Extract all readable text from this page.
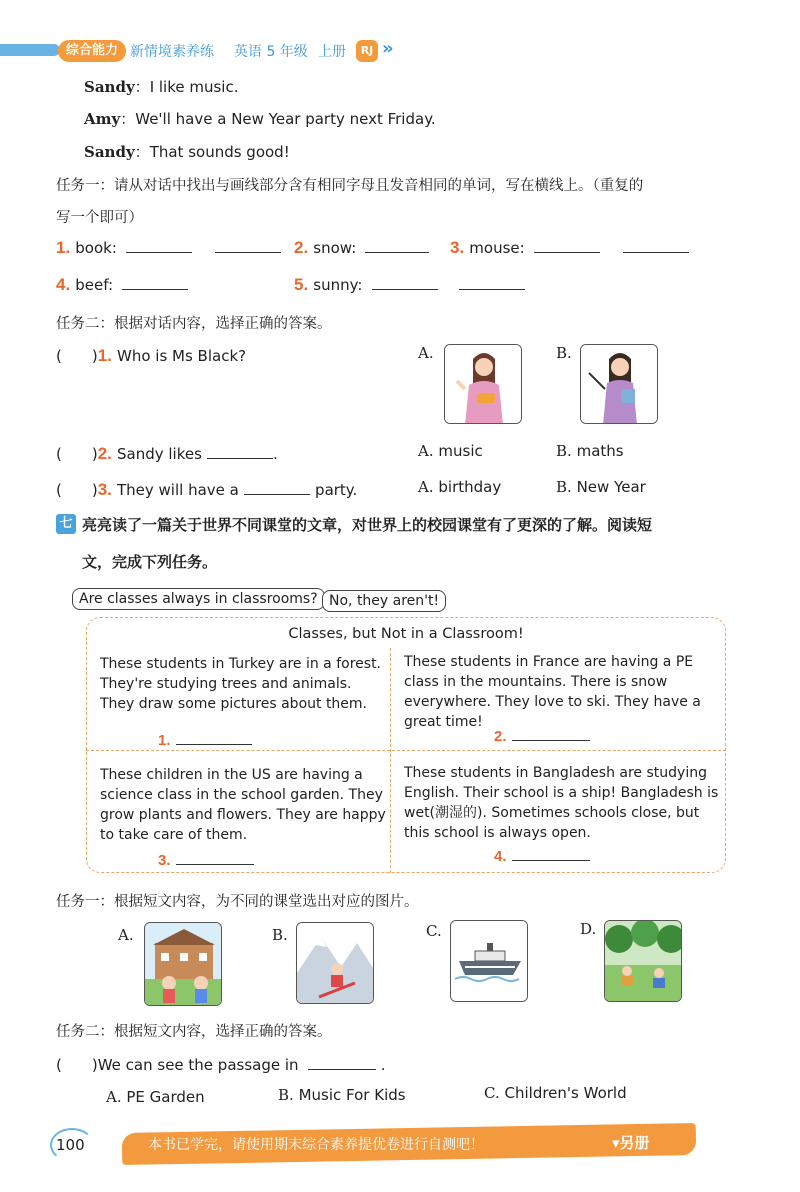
综合能力 新情境素养练 英语 5 年级 上册	RJ »
Sandy：I like music.
Amy：We'll have a New Year party next Friday.
Sandy：That sounds good!
任务一：请从对话中找出与画线部分含有相同字母且发音相同的单词，写在横线上。（重复的
写一个即可）
1. book:	2. snow:	3. mouse:
4. beef:	5. sunny:
任务二：根据对话内容，选择正确的答案。
(　　)1. Who is Ms Black?	A.	B.
(　　)2. Sandy likes	.	A. music	B. maths
(　　)3. They will have a	party.	A. birthday	B. New Year
七 亮亮读了一篇关于世界不同课堂的文章，对世界上的校园课堂有了更深的了解。阅读短
文，完成下列任务。
Are classes always in classrooms? No, they aren't!
Classes, but Not in a Classroom!
These students in Turkey are in a forest. They're studying trees and animals. They draw some pictures about them.
1.
These students in France are having a PE class in the mountains. There is snow everywhere. They love to ski. They have a great time!
2.
These children in the US are having a science class in the school garden. They grow plants and flowers. They are happy to take care of them.
3.
These students in Bangladesh are studying English. Their school is a ship! Bangladesh is wet(潮湿的). Sometimes schools close, but this school is always open.
4.
任务一：根据短文内容，为不同的课堂选出对应的图片。
A.	B.	C.	D.
任务二：根据短文内容，选择正确的答案。
(　　)We can see the passage in	.
A. PE Garden	B. Music For Kids	C. Children's World
100	本书已学完，请使用期末综合素养提优卷进行自测吧！	▾另册
